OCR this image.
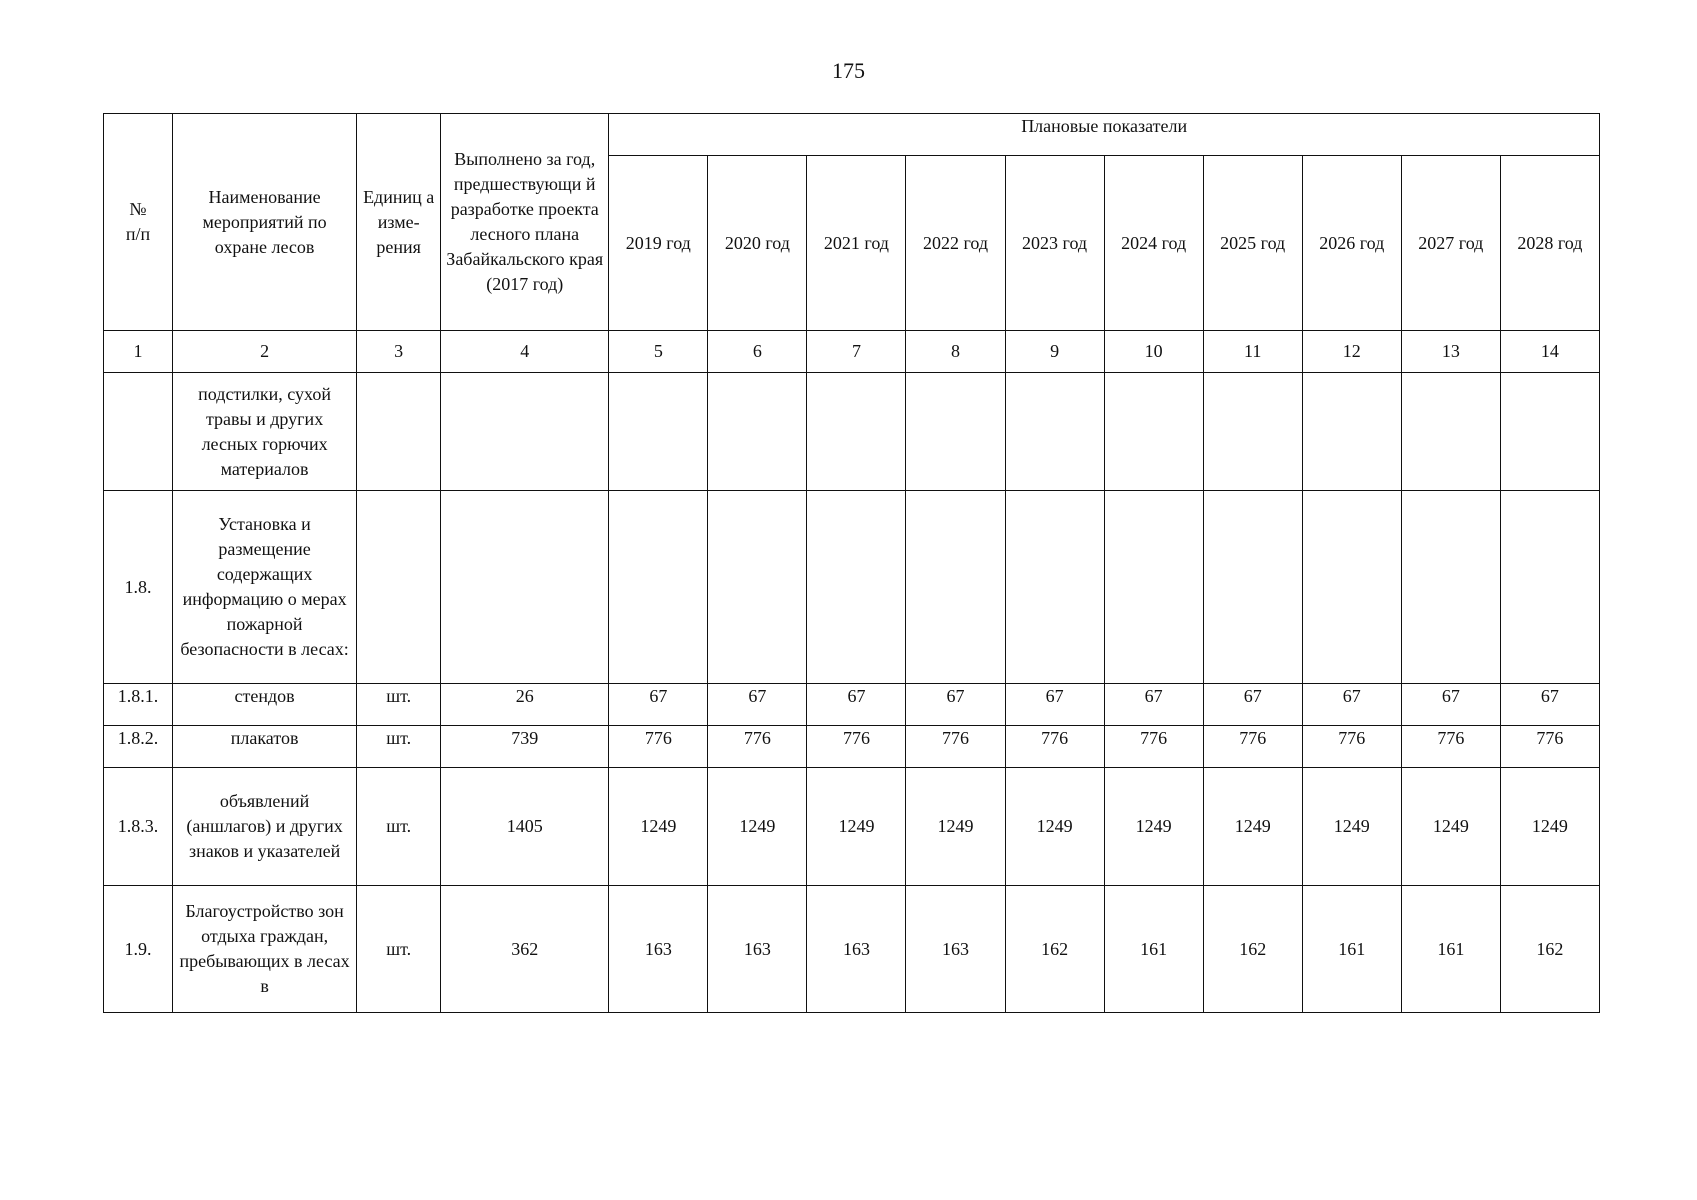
175
№
п/п	Наименование мероприятий по охране лесов	Единиц а изме-рения	Выполнено за год, предшествующи й разработке проекта лесного плана Забайкальского края (2017 год)	Плановые показатели									
				2019 год	2020 год	2021 год	2022 год	2023 год	2024 год	2025 год	2026 год	2027 год	2028 год
1	2	3	4	5	6	7	8	9	10	11	12	13	14
	подстилки, сухой травы и других лесных горючих материалов												
1.8.	Установка и размещение содержащих информацию о мерах пожарной безопасности в лесах:												
1.8.1.	стендов	шт.	26	67	67	67	67	67	67	67	67	67	67
1.8.2.	плакатов	шт.	739	776	776	776	776	776	776	776	776	776	776
1.8.3.	объявлений (аншлагов) и других знаков и указателей	шт.	1405	1249	1249	1249	1249	1249	1249	1249	1249	1249	1249
1.9.	Благоустройство зон отдыха граждан, пребывающих в лесах в	шт.	362	163	163	163	163	162	161	162	161	161	162
